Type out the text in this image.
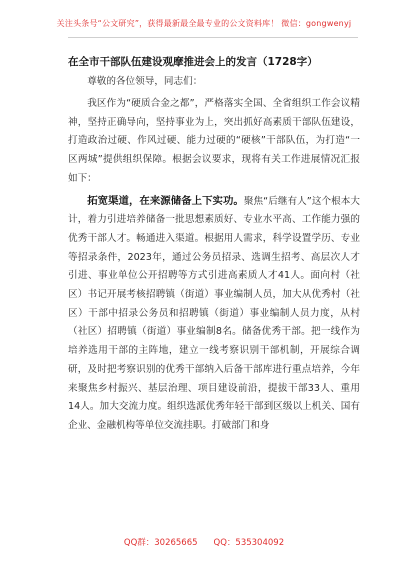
关注头条号“公文研究”，获得最新最全最专业的公文资料库！ 微信：gongwenyj
在全市干部队伍建设观摩推进会上的发言（1728字）
尊敬的各位领导，同志们：

我区作为“硬质合金之都”，严格落实全国、全省组织工作会议精神，坚持正确导向，坚持事业为上，突出抓好高素质干部队伍建设，打造政治过硬、作风过硬、能力过硬的“硬核”干部队伍，为打造“一区两城”提供组织保障。根据会议要求，现将有关工作进展情况汇报如下：

拓宽渠道，在来源储备上下实功。聚焦“后继有人”这个根本大计，着力引进培养储备一批思想素质好、专业水平高、工作能力强的优秀干部人才。畅通进入渠道。根据用人需求，科学设置学历、专业等招录条件，2023年，通过公务员招录、选调生招考、高层次人才引进、事业单位公开招聘等方式引进高素质人才41人。面向村（社区）书记开展考核招聘镇（街道）事业编制人员，加大从优秀村（社区）干部中招录公务员和招聘镇（街道）事业编制人员力度，从村（社区）招聘镇（街道）事业编制8名。储备优秀干部。把一线作为培养选用干部的主阵地，建立一线考察识别干部机制，开展综合调研，及时把考察识别的优秀干部纳入后备干部库进行重点培养，今年来聚焦乡村振兴、基层治理、项目建设前沿，提拔干部33人、重用14人。加大交流力度。组织选派优秀年轻干部到区级以上机关、国有企业、金融机构等单位交流挂职。打破部门和身

QQ群：30265665 QQ：535304092
